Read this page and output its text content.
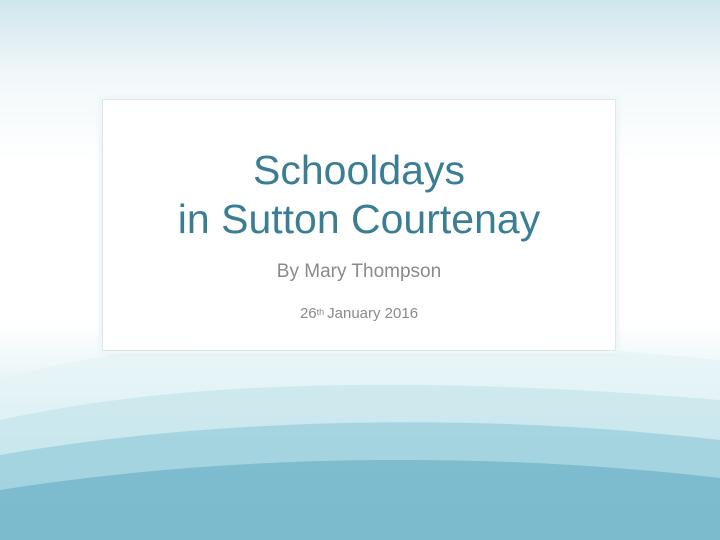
Schooldays
in Sutton Courtenay
By Mary Thompson
26th January 2016
